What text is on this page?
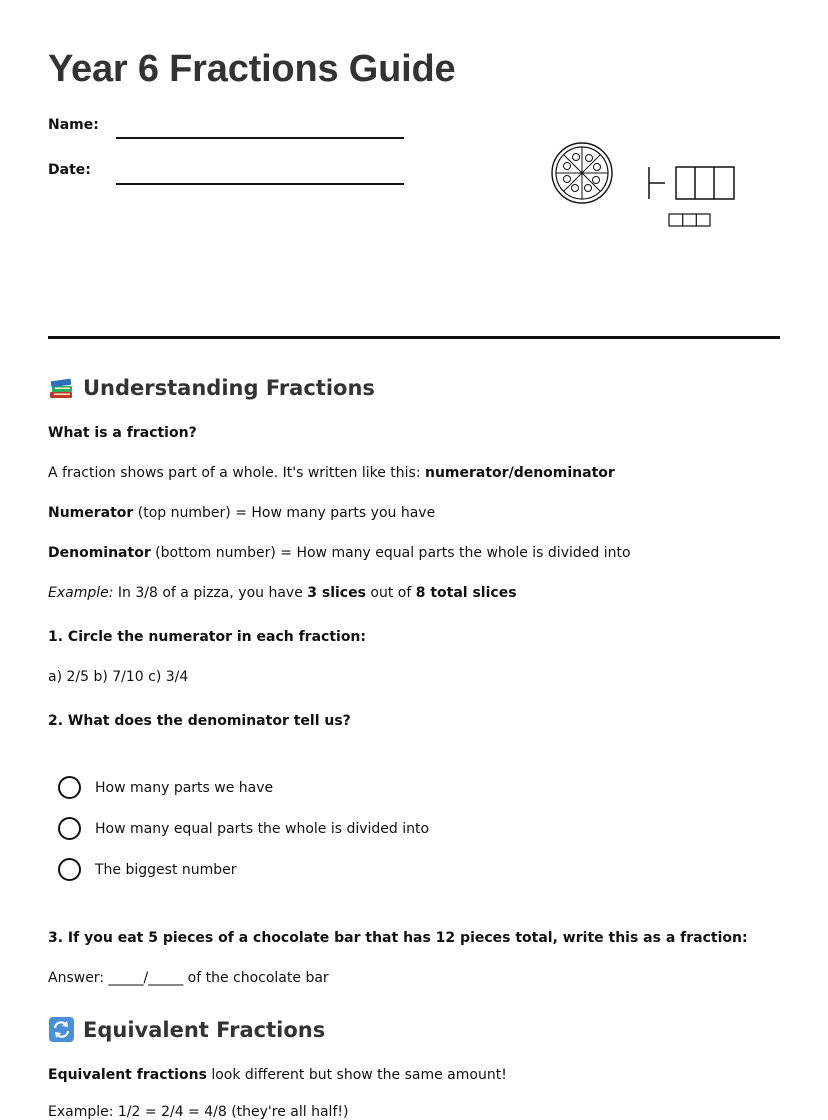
Year 6 Fractions Guide
Name:
Date:
Understanding Fractions

What is a fraction?

A fraction shows part of a whole. It's written like this: numerator/denominator

Numerator (top number) = How many parts you have

Denominator (bottom number) = How many equal parts the whole is divided into

Example: In 3/8 of a pizza, you have 3 slices out of 8 total slices

1. Circle the numerator in each fraction:

a) 2/5 b) 7/10 c) 3/4

2. What does the denominator tell us?

How many parts we have
How many equal parts the whole is divided into
The biggest number

3. If you eat 5 pieces of a chocolate bar that has 12 pieces total, write this as a fraction:

Answer: _____/_____ of the chocolate bar

Equivalent Fractions

Equivalent fractions look different but show the same amount!

Example: 1/2 = 2/4 = 4/8 (they're all half!)
